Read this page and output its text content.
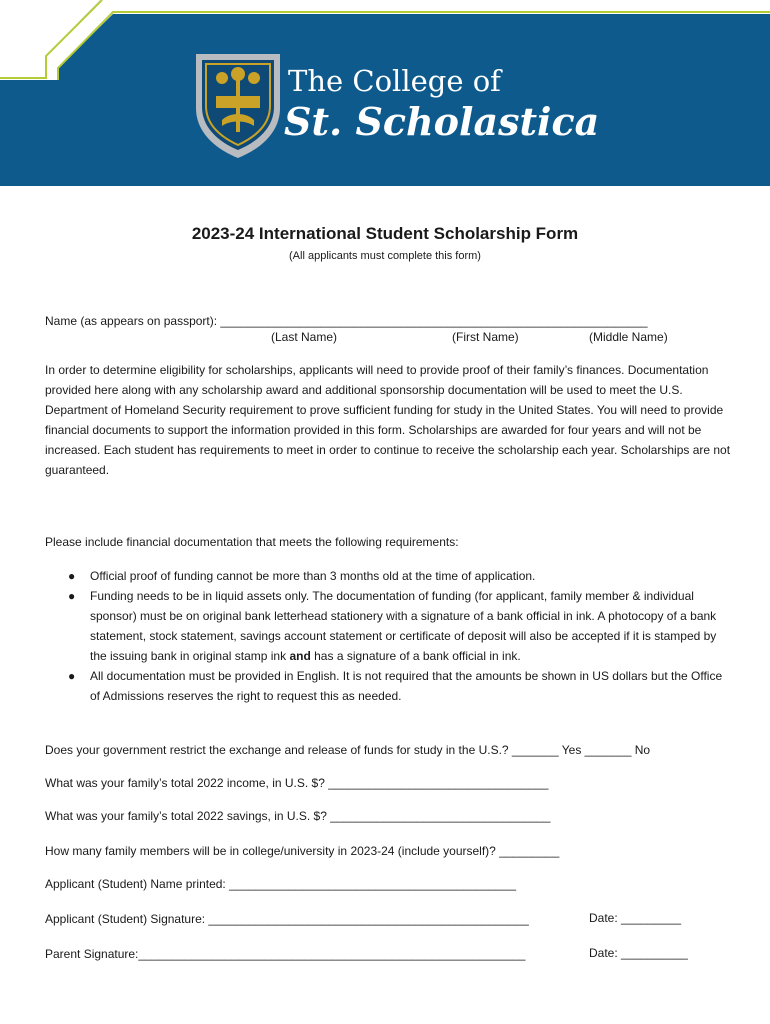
The College of
St. Scholastica
2023-24 International Student Scholarship Form
(All applicants must complete this form)
Name (as appears on passport): ________________________________________________________________
(Last Name)	(First Name)	(Middle Name)
In order to determine eligibility for scholarships, applicants will need to provide proof of their family’s finances. Documentation provided here along with any scholarship award and additional sponsorship documentation will be used to meet the U.S. Department of Homeland Security requirement to prove sufficient funding for study in the United States. You will need to provide financial documents to support the information provided in this form. Scholarships are awarded for four years and will not be increased. Each student has requirements to meet in order to continue to receive the scholarship each year. Scholarships are not guaranteed.
Please include financial documentation that meets the following requirements:
● Official proof of funding cannot be more than 3 months old at the time of application.
● Funding needs to be in liquid assets only. The documentation of funding (for applicant, family member & individual sponsor) must be on original bank letterhead stationery with a signature of a bank official in ink. A photocopy of a bank statement, stock statement, savings account statement or certificate of deposit will also be accepted if it is stamped by the issuing bank in original stamp ink and has a signature of a bank official in ink.
● All documentation must be provided in English. It is not required that the amounts be shown in US dollars but the Office of Admissions reserves the right to request this as needed.
Does your government restrict the exchange and release of funds for study in the U.S.? _______ Yes _______ No
What was your family’s total 2022 income, in U.S. $? _________________________________
What was your family’s total 2022 savings, in U.S. $? _________________________________
How many family members will be in college/university in 2023-24 (include yourself)? _________
Applicant (Student) Name printed: ___________________________________________
Applicant (Student) Signature: ________________________________________________	Date: _________
Parent Signature:__________________________________________________________	Date: __________
